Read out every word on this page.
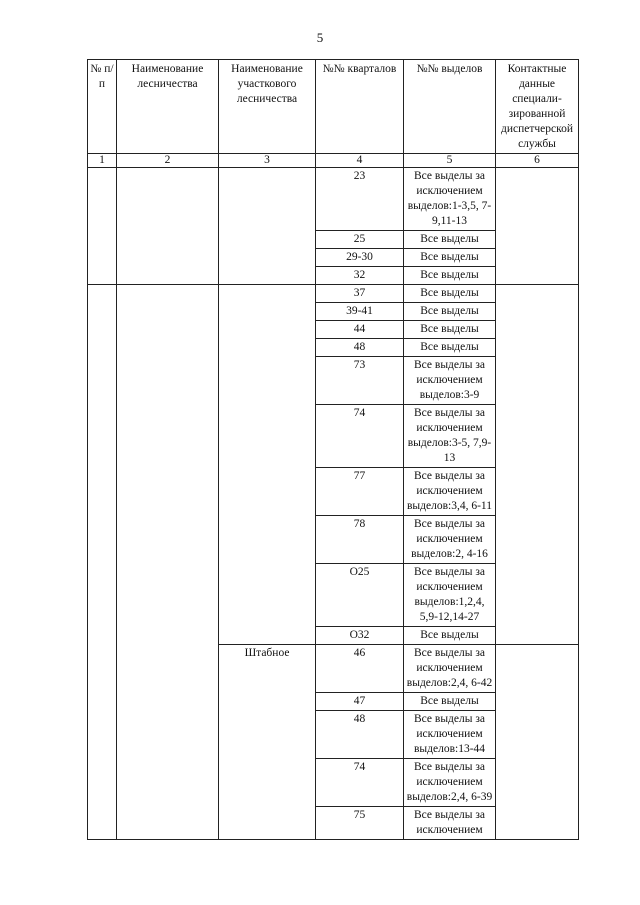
5
№ п/п	Наименование лесничества	Наименование участкового лесничества	№№ кварталов	№№ выделов	Контактные данные специали-зированной диспетчерской службы
1	2	3	4	5	6
			23	Все выделы за исключением выделов:1-3,5, 7-9,11-13	
			25	Все выделы	
			29-30	Все выделы	
			32	Все выделы	
			37	Все выделы	
			39-41	Все выделы	
			44	Все выделы	
			48	Все выделы	
			73	Все выделы за исключением выделов:3-9	
			74	Все выделы за исключением выделов:3-5, 7,9-13	
			77	Все выделы за исключением выделов:3,4, 6-11	
			78	Все выделы за исключением выделов:2, 4-16	
			О25	Все выделы за исключением выделов:1,2,4, 5,9-12,14-27	
			О32	Все выделы	
		Штабное	46	Все выделы за исключением выделов:2,4, 6-42	
			47	Все выделы	
			48	Все выделы за исключением выделов:13-44	
			74	Все выделы за исключением выделов:2,4, 6-39	
			75	Все выделы за исключением	
